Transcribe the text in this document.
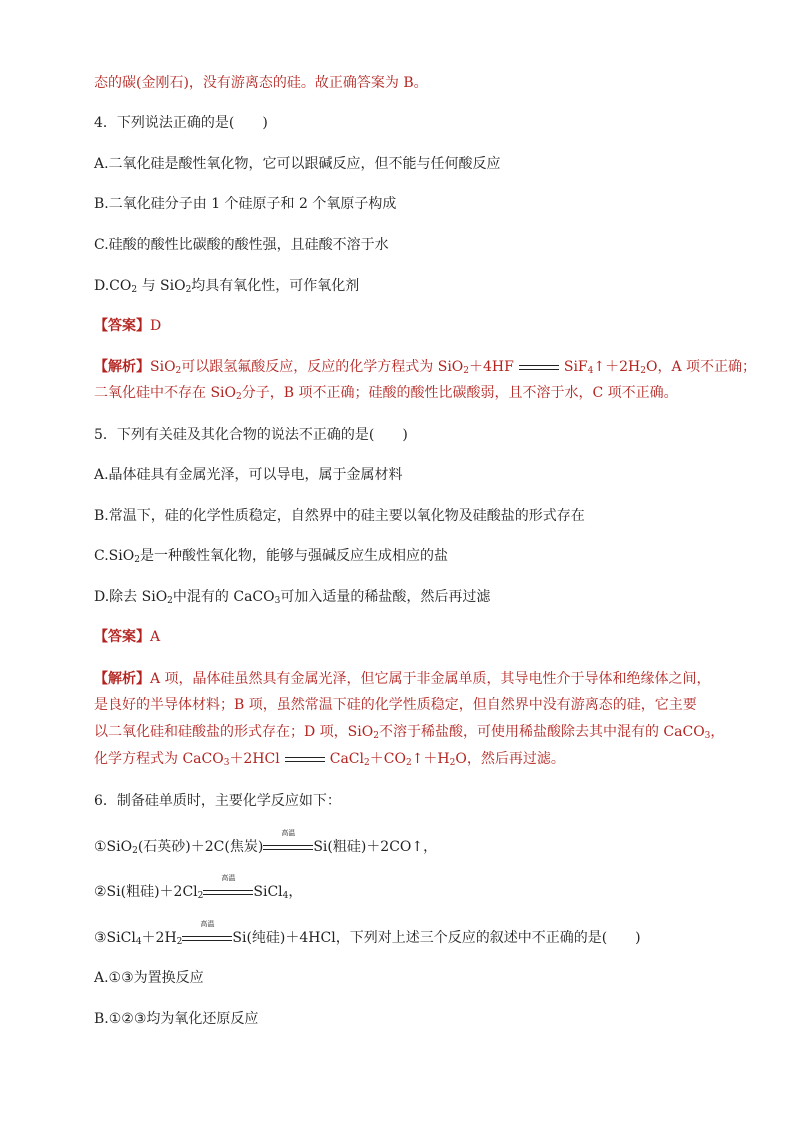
态的碳(金刚石)，没有游离态的硅。故正确答案为 B。
4．下列说法正确的是(　　)
A.二氧化硅是酸性氧化物，它可以跟碱反应，但不能与任何酸反应
B.二氧化硅分子由 1 个硅原子和 2 个氧原子构成
C.硅酸的酸性比碳酸的酸性强，且硅酸不溶于水
$D.CO_2$ 与 SiO$_2$均具有氧化性，可作氧化剂
【答案】D
【解析】SiO$_2$可以跟氢氟酸反应，反应的化学方程式为 SiO$_2$＋4HF	$SiF_4↑+2H_2O$，A 项不正确；
二氧化硅中不存在 SiO$_2$分子，B 项不正确；硅酸的酸性比碳酸弱，且不溶于水，C 项不正确。
5．下列有关硅及其化合物的说法不正确的是(　　)
A.晶体硅具有金属光泽，可以导电，属于金属材料
B.常温下，硅的化学性质稳定，自然界中的硅主要以氧化物及硅酸盐的形式存在
C.SiO$_2$是一种酸性氧化物，能够与强碱反应生成相应的盐
D.除去 SiO$_2$中混有的 CaCO$_3$可加入适量的稀盐酸，然后再过滤
【答案】A
【解析】A 项，晶体硅虽然具有金属光泽，但它属于非金属单质，其导电性介于导体和绝缘体之间，
是良好的半导体材料；B 项，虽然常温下硅的化学性质稳定，但自然界中没有游离态的硅，它主要
以二氧化硅和硅酸盐的形式存在；D 项，SiO$_2$不溶于稀盐酸，可使用稀盐酸除去其中混有的 CaCO$_3$，
化学方程式为 CaCO$_3$＋2HCl	$CaCl_2+CO_2↑+H_2O$，然后再过滤。
6．制备硅单质时，主要化学反应如下：
①SiO$_2$(石英砂)＋2C(焦炭)
高温
Si(粗硅)＋2CO↑，
②Si(粗硅)$+2Cl_2$
高温
SiCl$_4$，
$③SiCl_4+2H_2$
高温
Si(纯硅)＋4HCl，下列对上述三个反应的叙述中不正确的是(　　)
A.①③为置换反应
B.①②③均为氧化还原反应
